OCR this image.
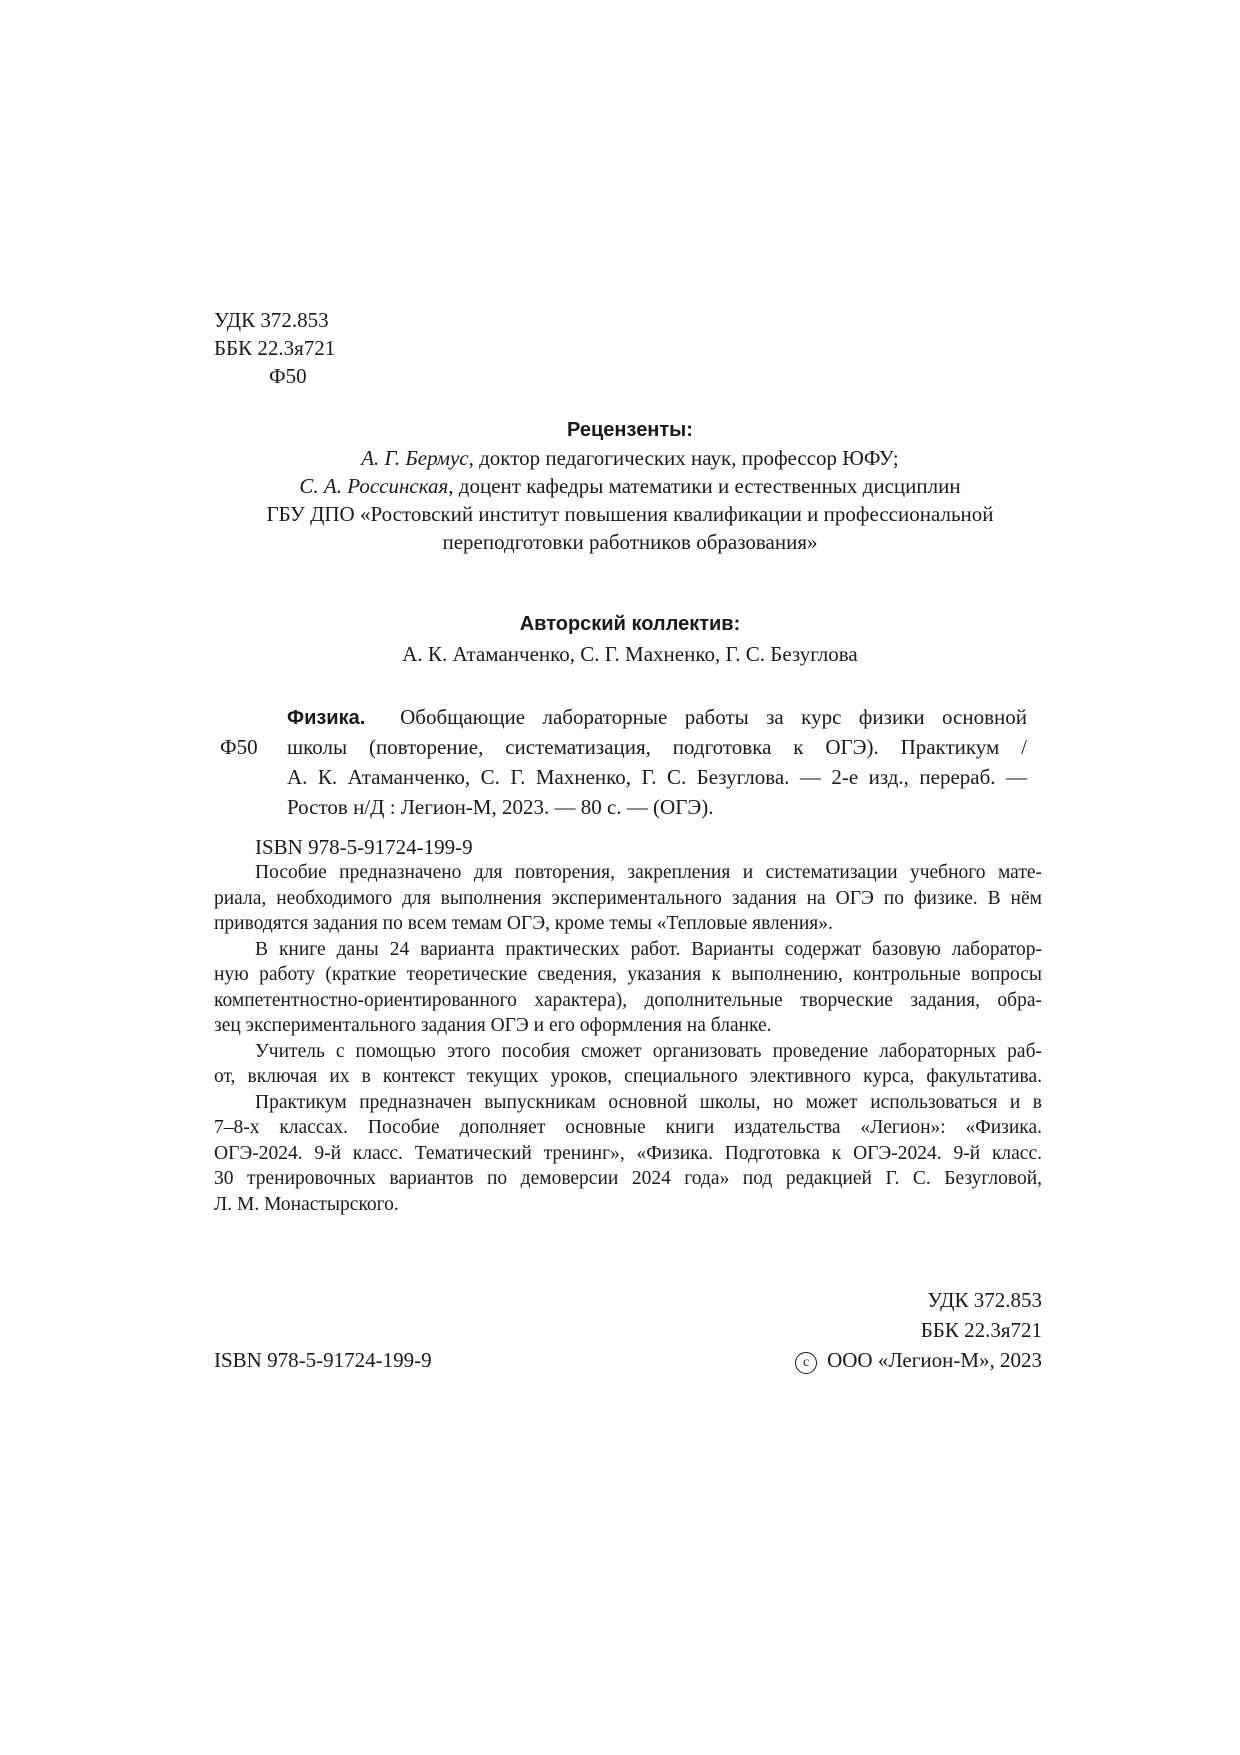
УДК 372.853
ББК 22.3я721
Ф50
Рецензенты:
А. Г. Бермус, доктор педагогических наук, профессор ЮФУ;
С. А. Россинская, доцент кафедры математики и естественных дисциплин
ГБУ ДПО «Ростовский институт повышения квалификации и профессиональной
переподготовки работников образования»
Авторский коллектив:
А. К. Атаманченко, С. Г. Махненко, Г. С. Безуглова
Ф50
Физика. Обобщающие лабораторные работы за курс физики основной
школы (повторение, систематизация, подготовка к ОГЭ). Практикум /
А. К. Атаманченко, С. Г. Махненко, Г. С. Безуглова. — 2-е изд., перераб. —
Ростов н/Д : Легион-М, 2023. — 80 с. — (ОГЭ).
ISBN 978-5-91724-199-9
Пособие предназначено для повторения, закрепления и систематизации учебного мате-
риала, необходимого для выполнения экспериментального задания на ОГЭ по физике. В нём
приводятся задания по всем темам ОГЭ, кроме темы «Тепловые явления».
В книге даны 24 варианта практических работ. Варианты содержат базовую лаборатор-
ную работу (краткие теоретические сведения, указания к выполнению, контрольные вопросы
компетентностно-ориентированного характера), дополнительные творческие задания, обра-
зец экспериментального задания ОГЭ и его оформления на бланке.
Учитель с помощью этого пособия сможет организовать проведение лабораторных раб-
от, включая их в контекст текущих уроков, специального элективного курса, факультатива.
Практикум предназначен выпускникам основной школы, но может использоваться и в
7–8-х классах. Пособие дополняет основные книги издательства «Легион»: «Физика.
ОГЭ-2024. 9-й класс. Тематический тренинг», «Физика. Подготовка к ОГЭ-2024. 9-й класс.
30 тренировочных вариантов по демоверсии 2024 года» под редакцией Г. С. Безугловой,
Л. М. Монастырского.
УДК 372.853
ББК 22.3я721
ISBN 978-5-91724-199-9	c ООО «Легион-М», 2023
